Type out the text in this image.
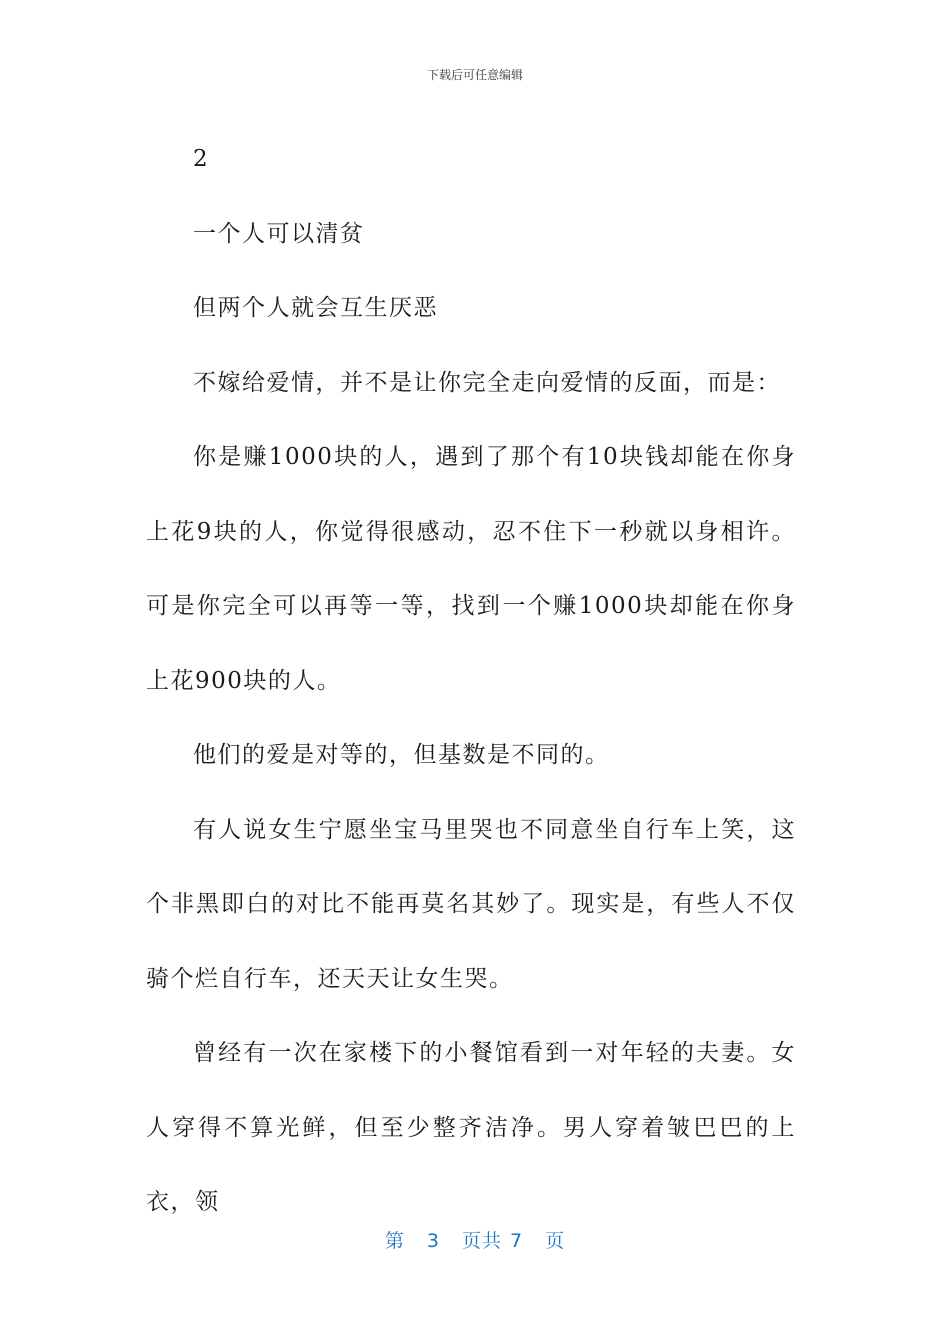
下载后可任意编辑

2

一个人可以清贫

但两个人就会互生厌恶

不嫁给爱情，并不是让你完全走向爱情的反面，而是：

你是赚1000块的人，遇到了那个有10块钱却能在你身上花9块的人，你觉得很感动，忍不住下一秒就以身相许。可是你完全可以再等一等，找到一个赚1000块却能在你身上花900块的人。

他们的爱是对等的，但基数是不同的。

有人说女生宁愿坐宝马里哭也不同意坐自行车上笑，这个非黑即白的对比不能再莫名其妙了。现实是，有些人不仅骑个烂自行车，还天天让女生哭。

曾经有一次在家楼下的小餐馆看到一对年轻的夫妻。女人穿得不算光鲜，但至少整齐洁净。男人穿着皱巴巴的上衣，领

第 3 页共 7 页
